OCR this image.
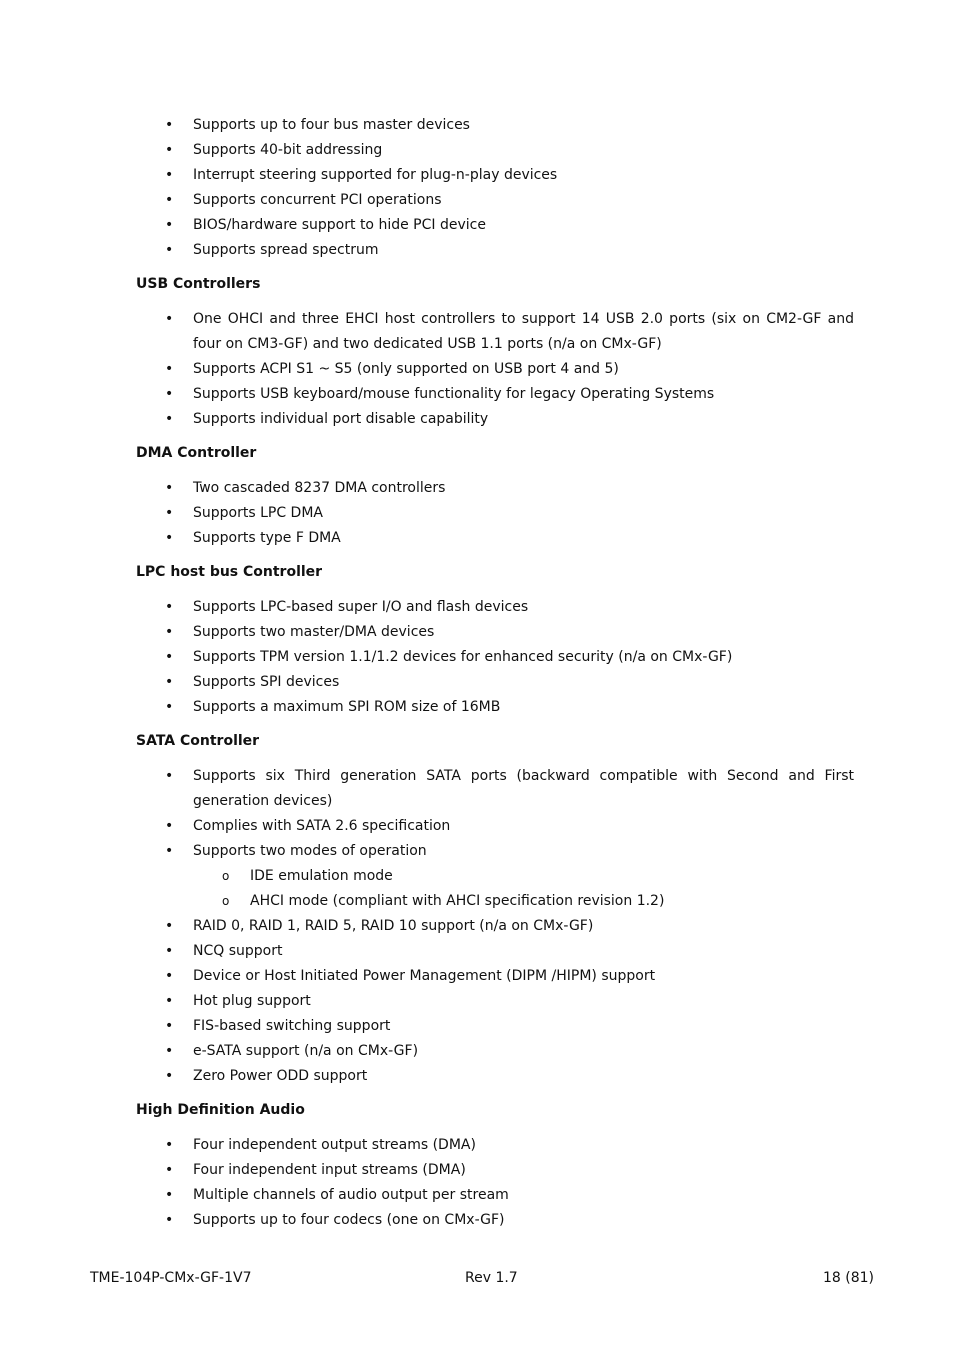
• Supports up to four bus master devices
• Supports 40-bit addressing
• Interrupt steering supported for plug-n-play devices
• Supports concurrent PCI operations
• BIOS/hardware support to hide PCI device
• Supports spread spectrum
USB Controllers
• One OHCI and three EHCI host controllers to support 14 USB 2.0 ports (six on CM2-GF and four on CM3-GF) and two dedicated USB 1.1 ports (n/a on CMx-GF)
• Supports ACPI S1 ~ S5 (only supported on USB port 4 and 5)
• Supports USB keyboard/mouse functionality for legacy Operating Systems
• Supports individual port disable capability
DMA Controller
• Two cascaded 8237 DMA controllers
• Supports LPC DMA
• Supports type F DMA
LPC host bus Controller
• Supports LPC-based super I/O and flash devices
• Supports two master/DMA devices
• Supports TPM version 1.1/1.2 devices for enhanced security (n/a on CMx-GF)
• Supports SPI devices
• Supports a maximum SPI ROM size of 16MB
SATA Controller
• Supports six Third generation SATA ports (backward compatible with Second and First generation devices)
• Complies with SATA 2.6 specification
• Supports two modes of operation
o IDE emulation mode
o AHCI mode (compliant with AHCI specification revision 1.2)
• RAID 0, RAID 1, RAID 5, RAID 10 support (n/a on CMx-GF)
• NCQ support
• Device or Host Initiated Power Management (DIPM /HIPM) support
• Hot plug support
• FIS-based switching support
• e-SATA support (n/a on CMx-GF)
• Zero Power ODD support
High Definition Audio
• Four independent output streams (DMA)
• Four independent input streams (DMA)
• Multiple channels of audio output per stream
• Supports up to four codecs (one on CMx-GF)
TME-104P-CMx-GF-1V7	Rev 1.7	18 (81)
